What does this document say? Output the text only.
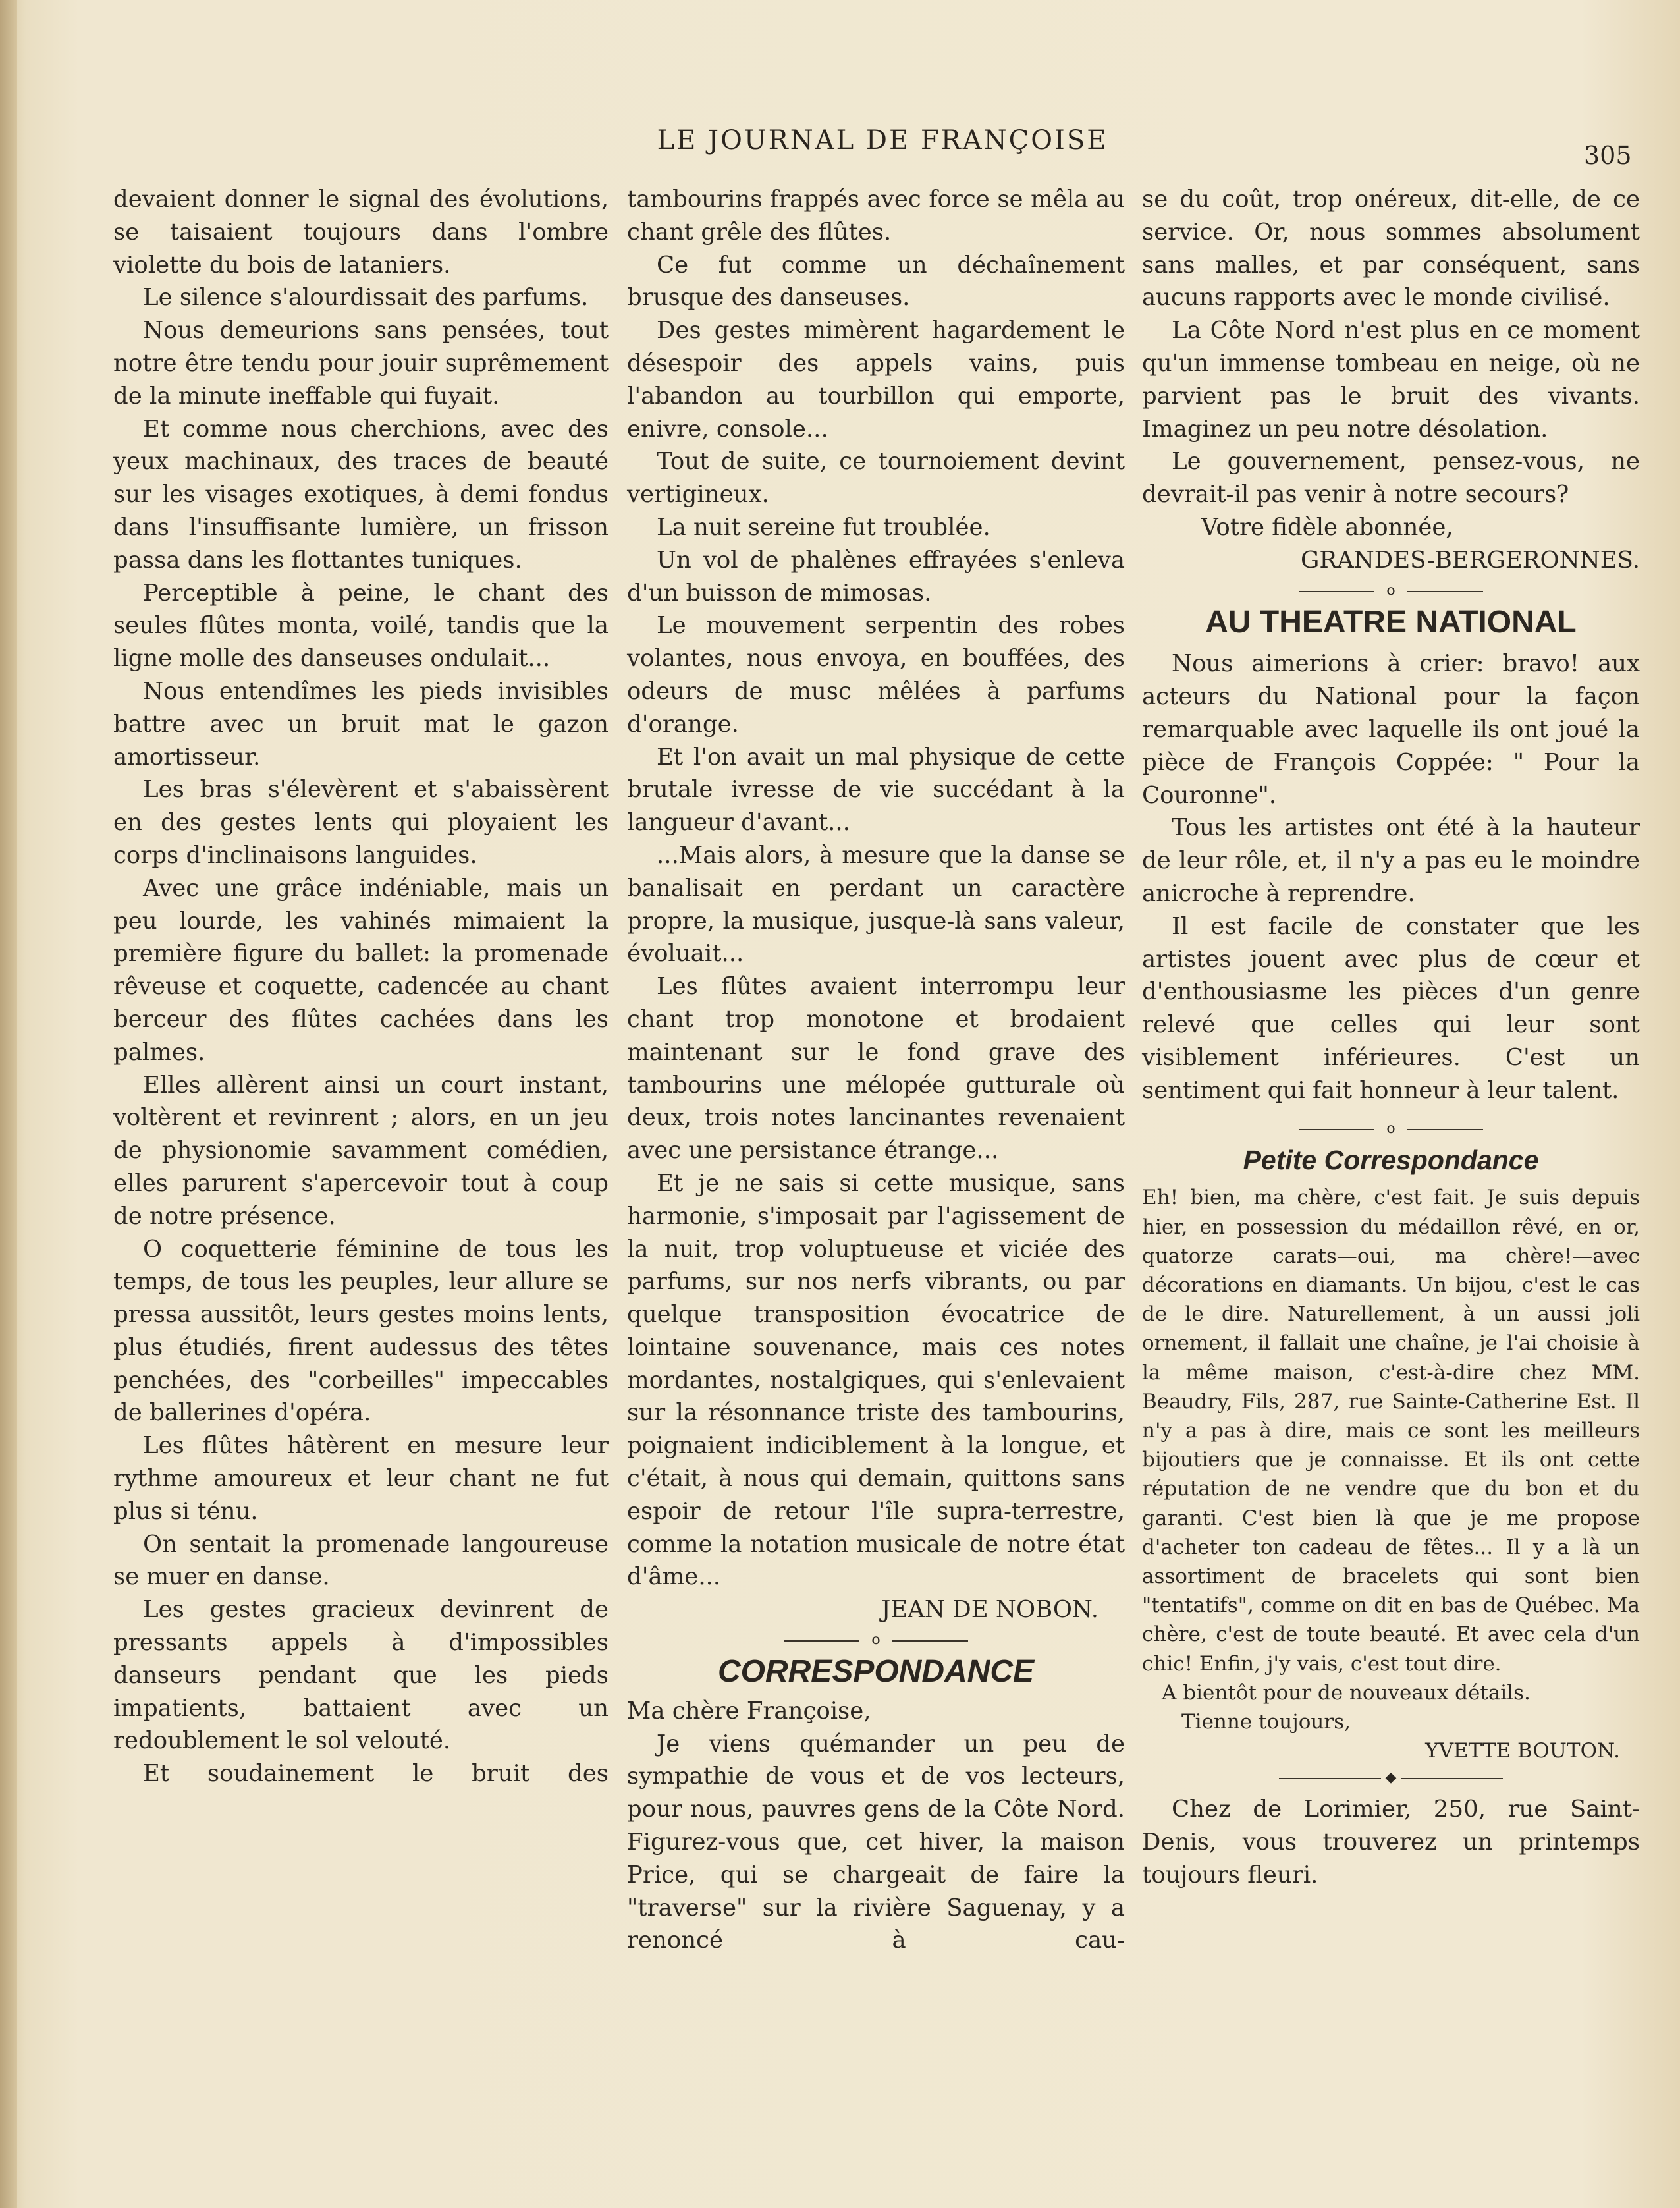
LE JOURNAL DE FRANÇOISE	305

devaient donner le signal des évolutions, se taisaient toujours dans l'ombre violette du bois de lataniers.

Le silence s'alourdissait des parfums.

Nous demeurions sans pensées, tout notre être tendu pour jouir suprêmement de la minute ineffable qui fuyait.

Et comme nous cherchions, avec des yeux machinaux, des traces de beauté sur les visages exotiques, à demi fondus dans l'insuffisante lumière, un frisson passa dans les flottantes tuniques.

Perceptible à peine, le chant des seules flûtes monta, voilé, tandis que la ligne molle des danseuses ondulait...

Nous entendîmes les pieds invisibles battre avec un bruit mat le gazon amortisseur.

Les bras s'élevèrent et s'abaissèrent en des gestes lents qui ployaient les corps d'inclinaisons languides.

Avec une grâce indéniable, mais un peu lourde, les vahinés mimaient la première figure du ballet: la promenade rêveuse et coquette, cadencée au chant berceur des flûtes cachées dans les palmes.

Elles allèrent ainsi un court instant, voltèrent et revinrent ; alors, en un jeu de physionomie savamment comédien, elles parurent s'apercevoir tout à coup de notre présence.

O coquetterie féminine de tous les temps, de tous les peuples, leur allure se pressa aussitôt, leurs gestes moins lents, plus étudiés, firent audessus des têtes penchées, des "corbeilles" impeccables de ballerines d'opéra.

Les flûtes hâtèrent en mesure leur rythme amoureux et leur chant ne fut plus si ténu.

On sentait la promenade langoureuse se muer en danse.

Les gestes gracieux devinrent de pressants appels à d'impossibles danseurs pendant que les pieds impatients, battaient avec un redoublement le sol velouté.

Et soudainement le bruit des

tambourins frappés avec force se mêla au chant grêle des flûtes.

Ce fut comme un déchaînement brusque des danseuses.

Des gestes mimèrent hagardement le désespoir des appels vains, puis l'abandon au tourbillon qui emporte, enivre, console...

Tout de suite, ce tournoiement devint vertigineux.

La nuit sereine fut troublée.

Un vol de phalènes effrayées s'enleva d'un buisson de mimosas.

Le mouvement serpentin des robes volantes, nous envoya, en bouffées, des odeurs de musc mêlées à parfums d'orange.

Et l'on avait un mal physique de cette brutale ivresse de vie succédant à la langueur d'avant...

...Mais alors, à mesure que la danse se banalisait en perdant un caractère propre, la musique, jusque-là sans valeur, évoluait...

Les flûtes avaient interrompu leur chant trop monotone et brodaient maintenant sur le fond grave des tambourins une mélopée gutturale où deux, trois notes lancinantes revenaient avec une persistance étrange...

Et je ne sais si cette musique, sans harmonie, s'imposait par l'agissement de la nuit, trop voluptueuse et viciée des parfums, sur nos nerfs vibrants, ou par quelque transposition évocatrice de lointaine souvenance, mais ces notes mordantes, nostalgiques, qui s'enlevaient sur la résonnance triste des tambourins, poignaient indiciblement à la longue, et c'était, à nous qui demain, quittons sans espoir de retour l'île supra-terrestre, comme la notation musicale de notre état d'âme...

JEAN DE NOBON.

o
CORRESPONDANCE

Ma chère Françoise,

Je viens quémander un peu de sympathie de vous et de vos lecteurs, pour nous, pauvres gens de la Côte Nord. Figurez-vous que, cet hiver, la maison Price, qui se chargeait de faire la "traverse" sur la rivière Saguenay, y a renoncé à cau-

se du coût, trop onéreux, dit-elle, de ce service. Or, nous sommes absolument sans malles, et par conséquent, sans aucuns rapports avec le monde civilisé.

La Côte Nord n'est plus en ce moment qu'un immense tombeau en neige, où ne parvient pas le bruit des vivants. Imaginez un peu notre désolation.

Le gouvernement, pensez-vous, ne devrait-il pas venir à notre secours?

Votre fidèle abonnée,

GRANDES-BERGERONNES.

o
AU THEATRE NATIONAL

Nous aimerions à crier: bravo! aux acteurs du National pour la façon remarquable avec laquelle ils ont joué la pièce de François Coppée: " Pour la Couronne".

Tous les artistes ont été à la hauteur de leur rôle, et, il n'y a pas eu le moindre anicroche à reprendre.

Il est facile de constater que les artistes jouent avec plus de cœur et d'enthousiasme les pièces d'un genre relevé que celles qui leur sont visiblement inférieures. C'est un sentiment qui fait honneur à leur talent.

o
Petite Correspondance

Eh! bien, ma chère, c'est fait. Je suis depuis hier, en possession du médaillon rêvé, en or, quatorze carats—oui, ma chère!—avec décorations en diamants. Un bijou, c'est le cas de le dire. Naturellement, à un aussi joli ornement, il fallait une chaîne, je l'ai choisie à la même maison, c'est-à-dire chez MM. Beaudry, Fils, 287, rue Sainte-Catherine Est. Il n'y a pas à dire, mais ce sont les meilleurs bijoutiers que je connaisse. Et ils ont cette réputation de ne vendre que du bon et du garanti. C'est bien là que je me propose d'acheter ton cadeau de fêtes... Il y a là un assortiment de bracelets qui sont bien "tentatifs", comme on dit en bas de Québec. Ma chère, c'est de toute beauté. Et avec cela d'un chic! Enfin, j'y vais, c'est tout dire.

A bientôt pour de nouveaux détails.

Tienne toujours,

YVETTE BOUTON.

◆

Chez de Lorimier, 250, rue Saint-Denis, vous trouverez un printemps toujours fleuri.
